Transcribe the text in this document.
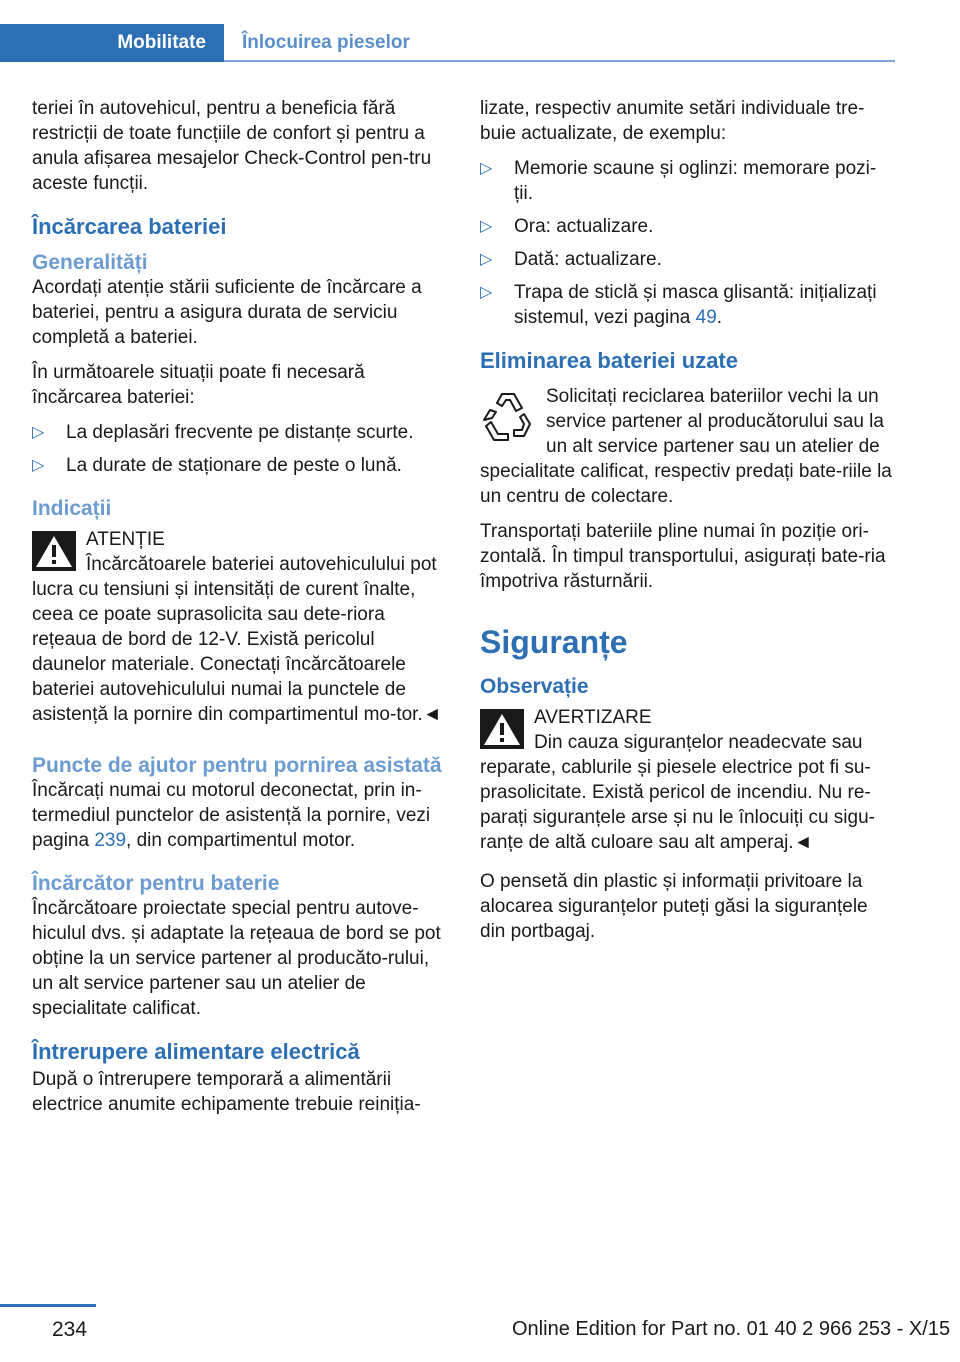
Mobilitate Înlocuirea pieselor

teriei în autovehicul, pentru a beneficia fără restricții de toate funcțiile de confort și pentru a anula afișarea mesajelor Check-Control pen-tru aceste funcții.

Încărcarea bateriei
Generalități

Acordați atenție stării suficiente de încărcare a bateriei, pentru a asigura durata de serviciu completă a bateriei.

În următoarele situații poate fi necesară încărcarea bateriei:

▷ La deplasări frecvente pe distanțe scurte.
▷ La durate de staționare de peste o lună.
Indicații
ATENȚIE

Încărcătoarele bateriei autovehiculului pot lucra cu tensiuni și intensități de curent înalte, ceea ce poate suprasolicita sau dete-riora rețeaua de bord de 12-V. Există pericolul daunelor materiale. Conectați încărcătoarele bateriei autovehiculului numai la punctele de asistență la pornire din compartimentul mo-tor.◄

Puncte de ajutor pentru pornirea asistată

Încărcați numai cu motorul deconectat, prin in-termediul punctelor de asistență la pornire, vezi pagina 239, din compartimentul motor.

Încărcător pentru baterie

Încărcătoare proiectate special pentru autove-hiculul dvs. și adaptate la rețeaua de bord se pot obține la un service partener al producăto-rului, un alt service partener sau un atelier de specialitate calificat.

Întrerupere alimentare electrică

După o întrerupere temporară a alimentării electrice anumite echipamente trebuie reiniția-

lizate, respectiv anumite setări individuale tre-buie actualizate, de exemplu:

▷ Memorie scaune și oglinzi: memorare pozi-ții.
▷ Ora: actualizare.
▷ Dată: actualizare.
▷ Trapa de sticlă și masca glisantă: inițializați sistemul, vezi pagina 49.
Eliminarea bateriei uzate

Solicitați reciclarea bateriilor vechi la un service partener al producătorului sau la un alt service partener sau un atelier de specialitate calificat, respectiv predați bate-riile la un centru de colectare.

Transportați bateriile pline numai în poziție ori-zontală. În timpul transportului, asigurați bate-ria împotriva răsturnării.

Siguranțe
Observație
AVERTIZARE

Din cauza siguranțelor neadecvate sau reparate, cablurile și piesele electrice pot fi su-prasolicitate. Există pericol de incendiu. Nu re-parați siguranțele arse și nu le înlocuiți cu sigu-ranțe de altă culoare sau alt amperaj.◄

O pensetă din plastic și informații privitoare la alocarea siguranțelor puteți găsi la siguranțele din portbagaj.

234	Online Edition for Part no. 01 40 2 966 253 - X/15
